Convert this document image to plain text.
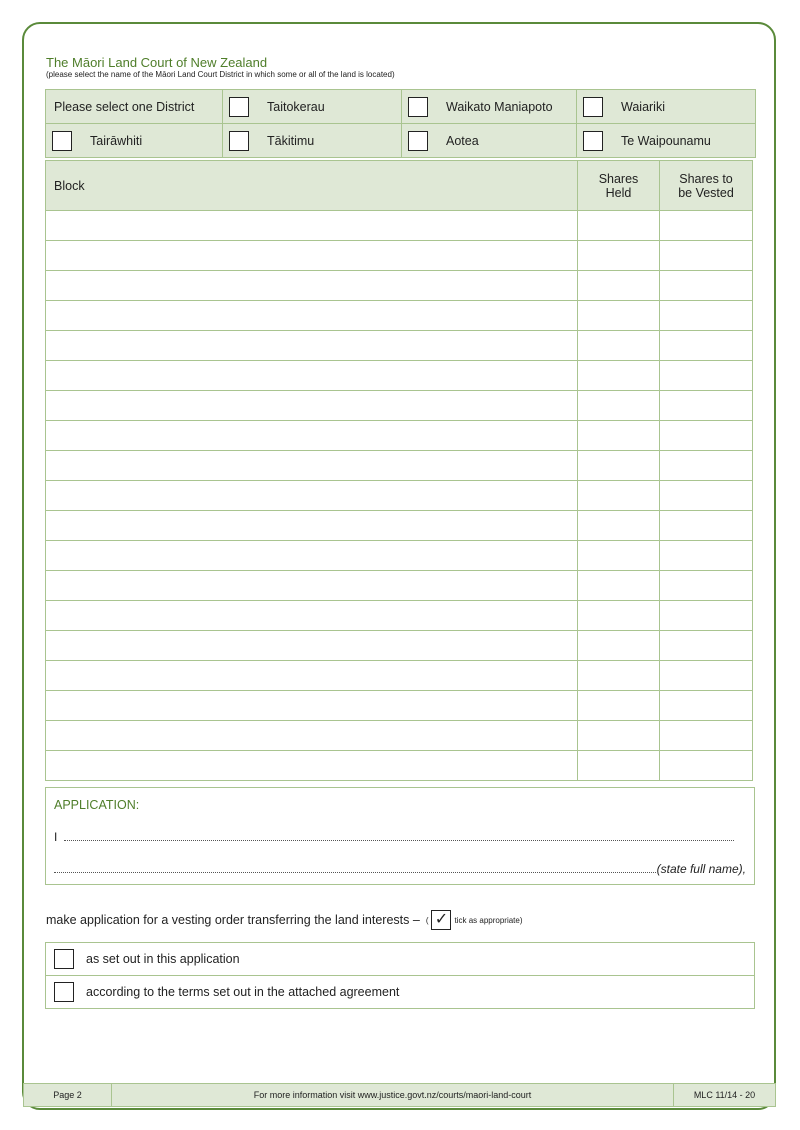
The Māori Land Court of New Zealand
(please select the name of the Māori Land Court District in which some or all of the land is located)
Please select one District	Taitokerau	Waikato Maniapoto	Waiariki

Tairāwhiti	Tākitimu	Aotea	Te Waipounamu
Block	Shares Held	Shares to be Vested

APPLICATION:
I
(state full name),
make application for a vesting order transferring the land interests – ( ✓ tick as appropriate)
as set out in this application

according to the terms set out in the attached agreement
Page 2	For more information visit www.justice.govt.nz/courts/maori-land-court	MLC 11/14 - 20
